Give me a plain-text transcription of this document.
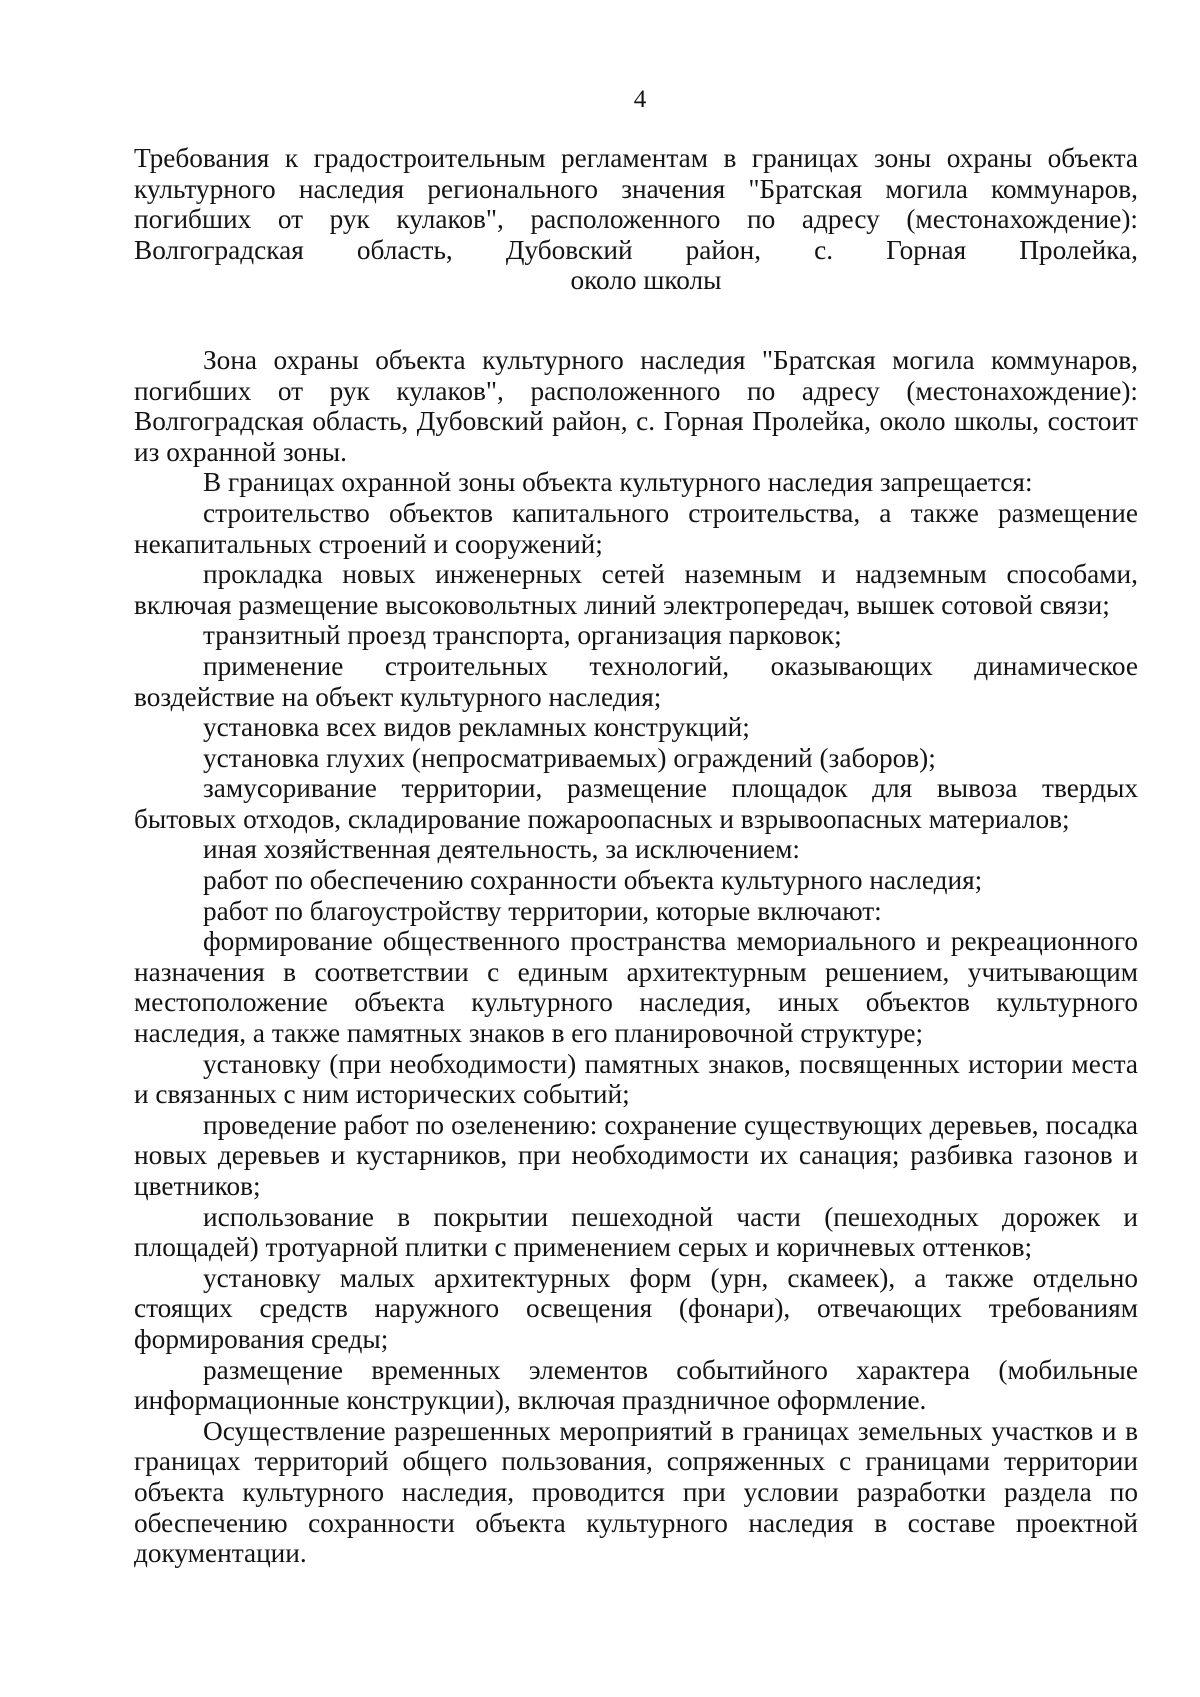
4

Требования к градостроительным регламентам в границах зоны охраны объекта

культурного наследия регионального значения "Братская могила коммунаров,

погибших от рук кулаков", расположенного по адресу (местонахождение):

Волгоградская область, Дубовский район, с. Горная Пролейка,

около школы

Зона охраны объекта культурного наследия "Братская могила коммунаров, погибших от рук кулаков", расположенного по адресу (местонахождение): Волгоградская область, Дубовский район, с. Горная Пролейка, около школы, состоит из охранной зоны.

В границах охранной зоны объекта культурного наследия запрещается:

строительство объектов капитального строительства, а также размещение некапитальных строений и сооружений;

прокладка новых инженерных сетей наземным и надземным способами, включая размещение высоковольтных линий электропередач, вышек сотовой связи;

транзитный проезд транспорта, организация парковок;

применение строительных технологий, оказывающих динамическое воздействие на объект культурного наследия;

установка всех видов рекламных конструкций;

установка глухих (непросматриваемых) ограждений (заборов);

замусоривание территории, размещение площадок для вывоза твердых бытовых отходов, складирование пожароопасных и взрывоопасных материалов;

иная хозяйственная деятельность, за исключением:

работ по обеспечению сохранности объекта культурного наследия;

работ по благоустройству территории, которые включают:

формирование общественного пространства мемориального и рекреационного назначения в соответствии с единым архитектурным решением, учитывающим местоположение объекта культурного наследия, иных объектов культурного наследия, а также памятных знаков в его планировочной структуре;

установку (при необходимости) памятных знаков, посвященных истории места и связанных с ним исторических событий;

проведение работ по озеленению: сохранение существующих деревьев, посадка новых деревьев и кустарников, при необходимости их санация; разбивка газонов и цветников;

использование в покрытии пешеходной части (пешеходных дорожек и площадей) тротуарной плитки с применением серых и коричневых оттенков;

установку малых архитектурных форм (урн, скамеек), а также отдельно стоящих средств наружного освещения (фонари), отвечающих требованиям формирования среды;

размещение временных элементов событийного характера (мобильные информационные конструкции), включая праздничное оформление.

Осуществление разрешенных мероприятий в границах земельных участков и в границах территорий общего пользования, сопряженных с границами территории объекта культурного наследия, проводится при условии разработки раздела по обеспечению сохранности объекта культурного наследия в составе проектной документации.
